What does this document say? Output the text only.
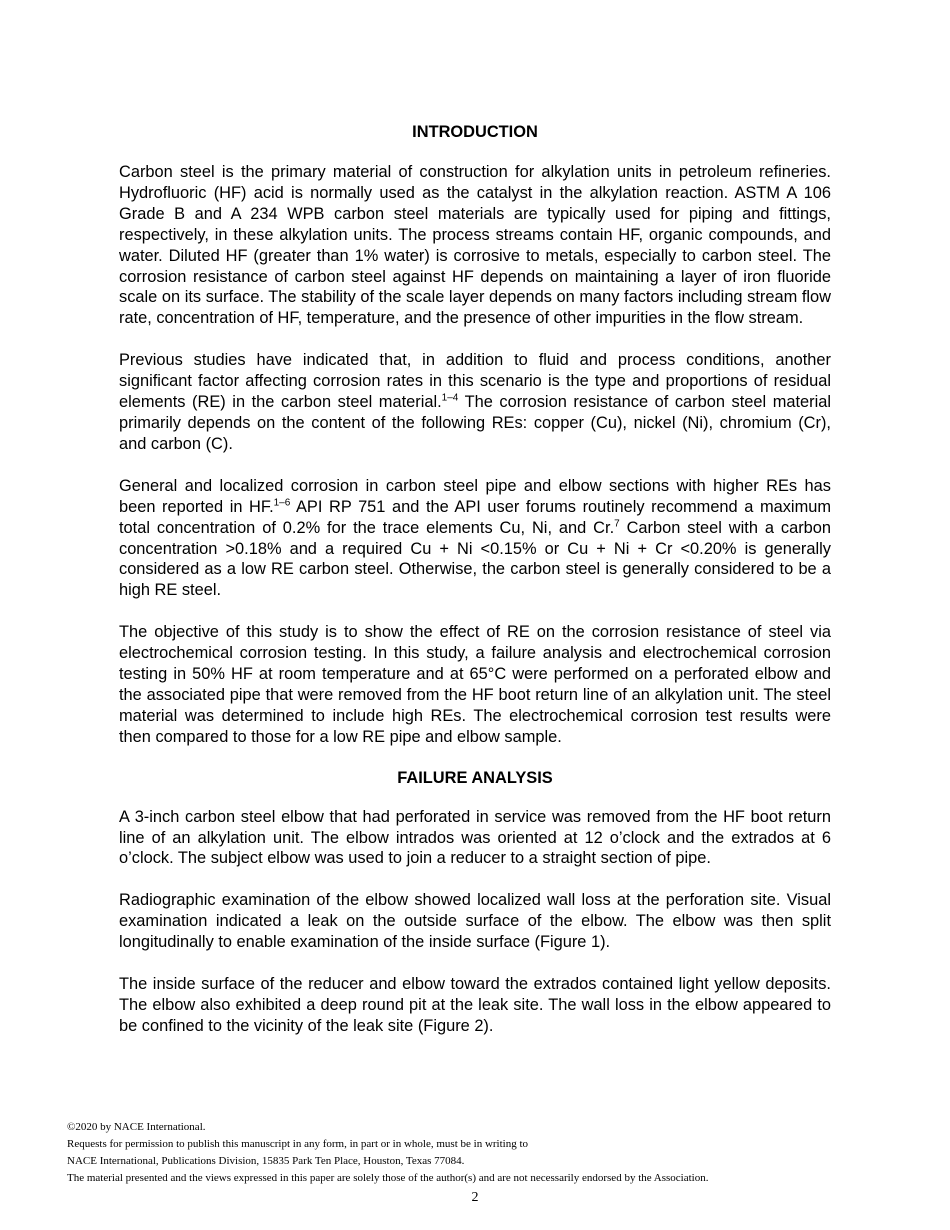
INTRODUCTION

Carbon steel is the primary material of construction for alkylation units in petroleum refineries. Hydrofluoric (HF) acid is normally used as the catalyst in the alkylation reaction. ASTM A 106 Grade B and A 234 WPB carbon steel materials are typically used for piping and fittings, respectively, in these alkylation units. The process streams contain HF, organic compounds, and water. Diluted HF (greater than 1% water) is corrosive to metals, especially to carbon steel. The corrosion resistance of carbon steel against HF depends on maintaining a layer of iron fluoride scale on its surface. The stability of the scale layer depends on many factors including stream flow rate, concentration of HF, temperature, and the presence of other impurities in the flow stream.

Previous studies have indicated that, in addition to fluid and process conditions, another significant factor affecting corrosion rates in this scenario is the type and proportions of residual elements (RE) in the carbon steel material.$^{1-4}$ The corrosion resistance of carbon steel material primarily depends on the content of the following REs: copper (Cu), nickel (Ni), chromium (Cr), and carbon (C).

General and localized corrosion in carbon steel pipe and elbow sections with higher REs has been reported in HF.$^{1-6}$ API RP 751 and the API user forums routinely recommend a maximum total concentration of 0.2% for the trace elements Cu, Ni, and Cr.$^7$ Carbon steel with a carbon concentration >0.18% and a required Cu + Ni <0.15% or Cu + Ni + Cr <0.20% is generally considered as a low RE carbon steel. Otherwise, the carbon steel is generally considered to be a high RE steel.

The objective of this study is to show the effect of RE on the corrosion resistance of steel via electrochemical corrosion testing. In this study, a failure analysis and electrochemical corrosion testing in 50% HF at room temperature and at 65°C were performed on a perforated elbow and the associated pipe that were removed from the HF boot return line of an alkylation unit. The steel material was determined to include high REs. The electrochemical corrosion test results were then compared to those for a low RE pipe and elbow sample.

FAILURE ANALYSIS

A 3-inch carbon steel elbow that had perforated in service was removed from the HF boot return line of an alkylation unit. The elbow intrados was oriented at 12 o’clock and the extrados at 6 o’clock. The subject elbow was used to join a reducer to a straight section of pipe.

Radiographic examination of the elbow showed localized wall loss at the perforation site. Visual examination indicated a leak on the outside surface of the elbow. The elbow was then split longitudinally to enable examination of the inside surface (Figure 1).

The inside surface of the reducer and elbow toward the extrados contained light yellow deposits. The elbow also exhibited a deep round pit at the leak site. The wall loss in the elbow appeared to be confined to the vicinity of the leak site (Figure 2).

©2020 by NACE International.
Requests for permission to publish this manuscript in any form, in part or in whole, must be in writing to
NACE International, Publications Division, 15835 Park Ten Place, Houston, Texas 77084.
The material presented and the views expressed in this paper are solely those of the author(s) and are not necessarily endorsed by the Association.
2
